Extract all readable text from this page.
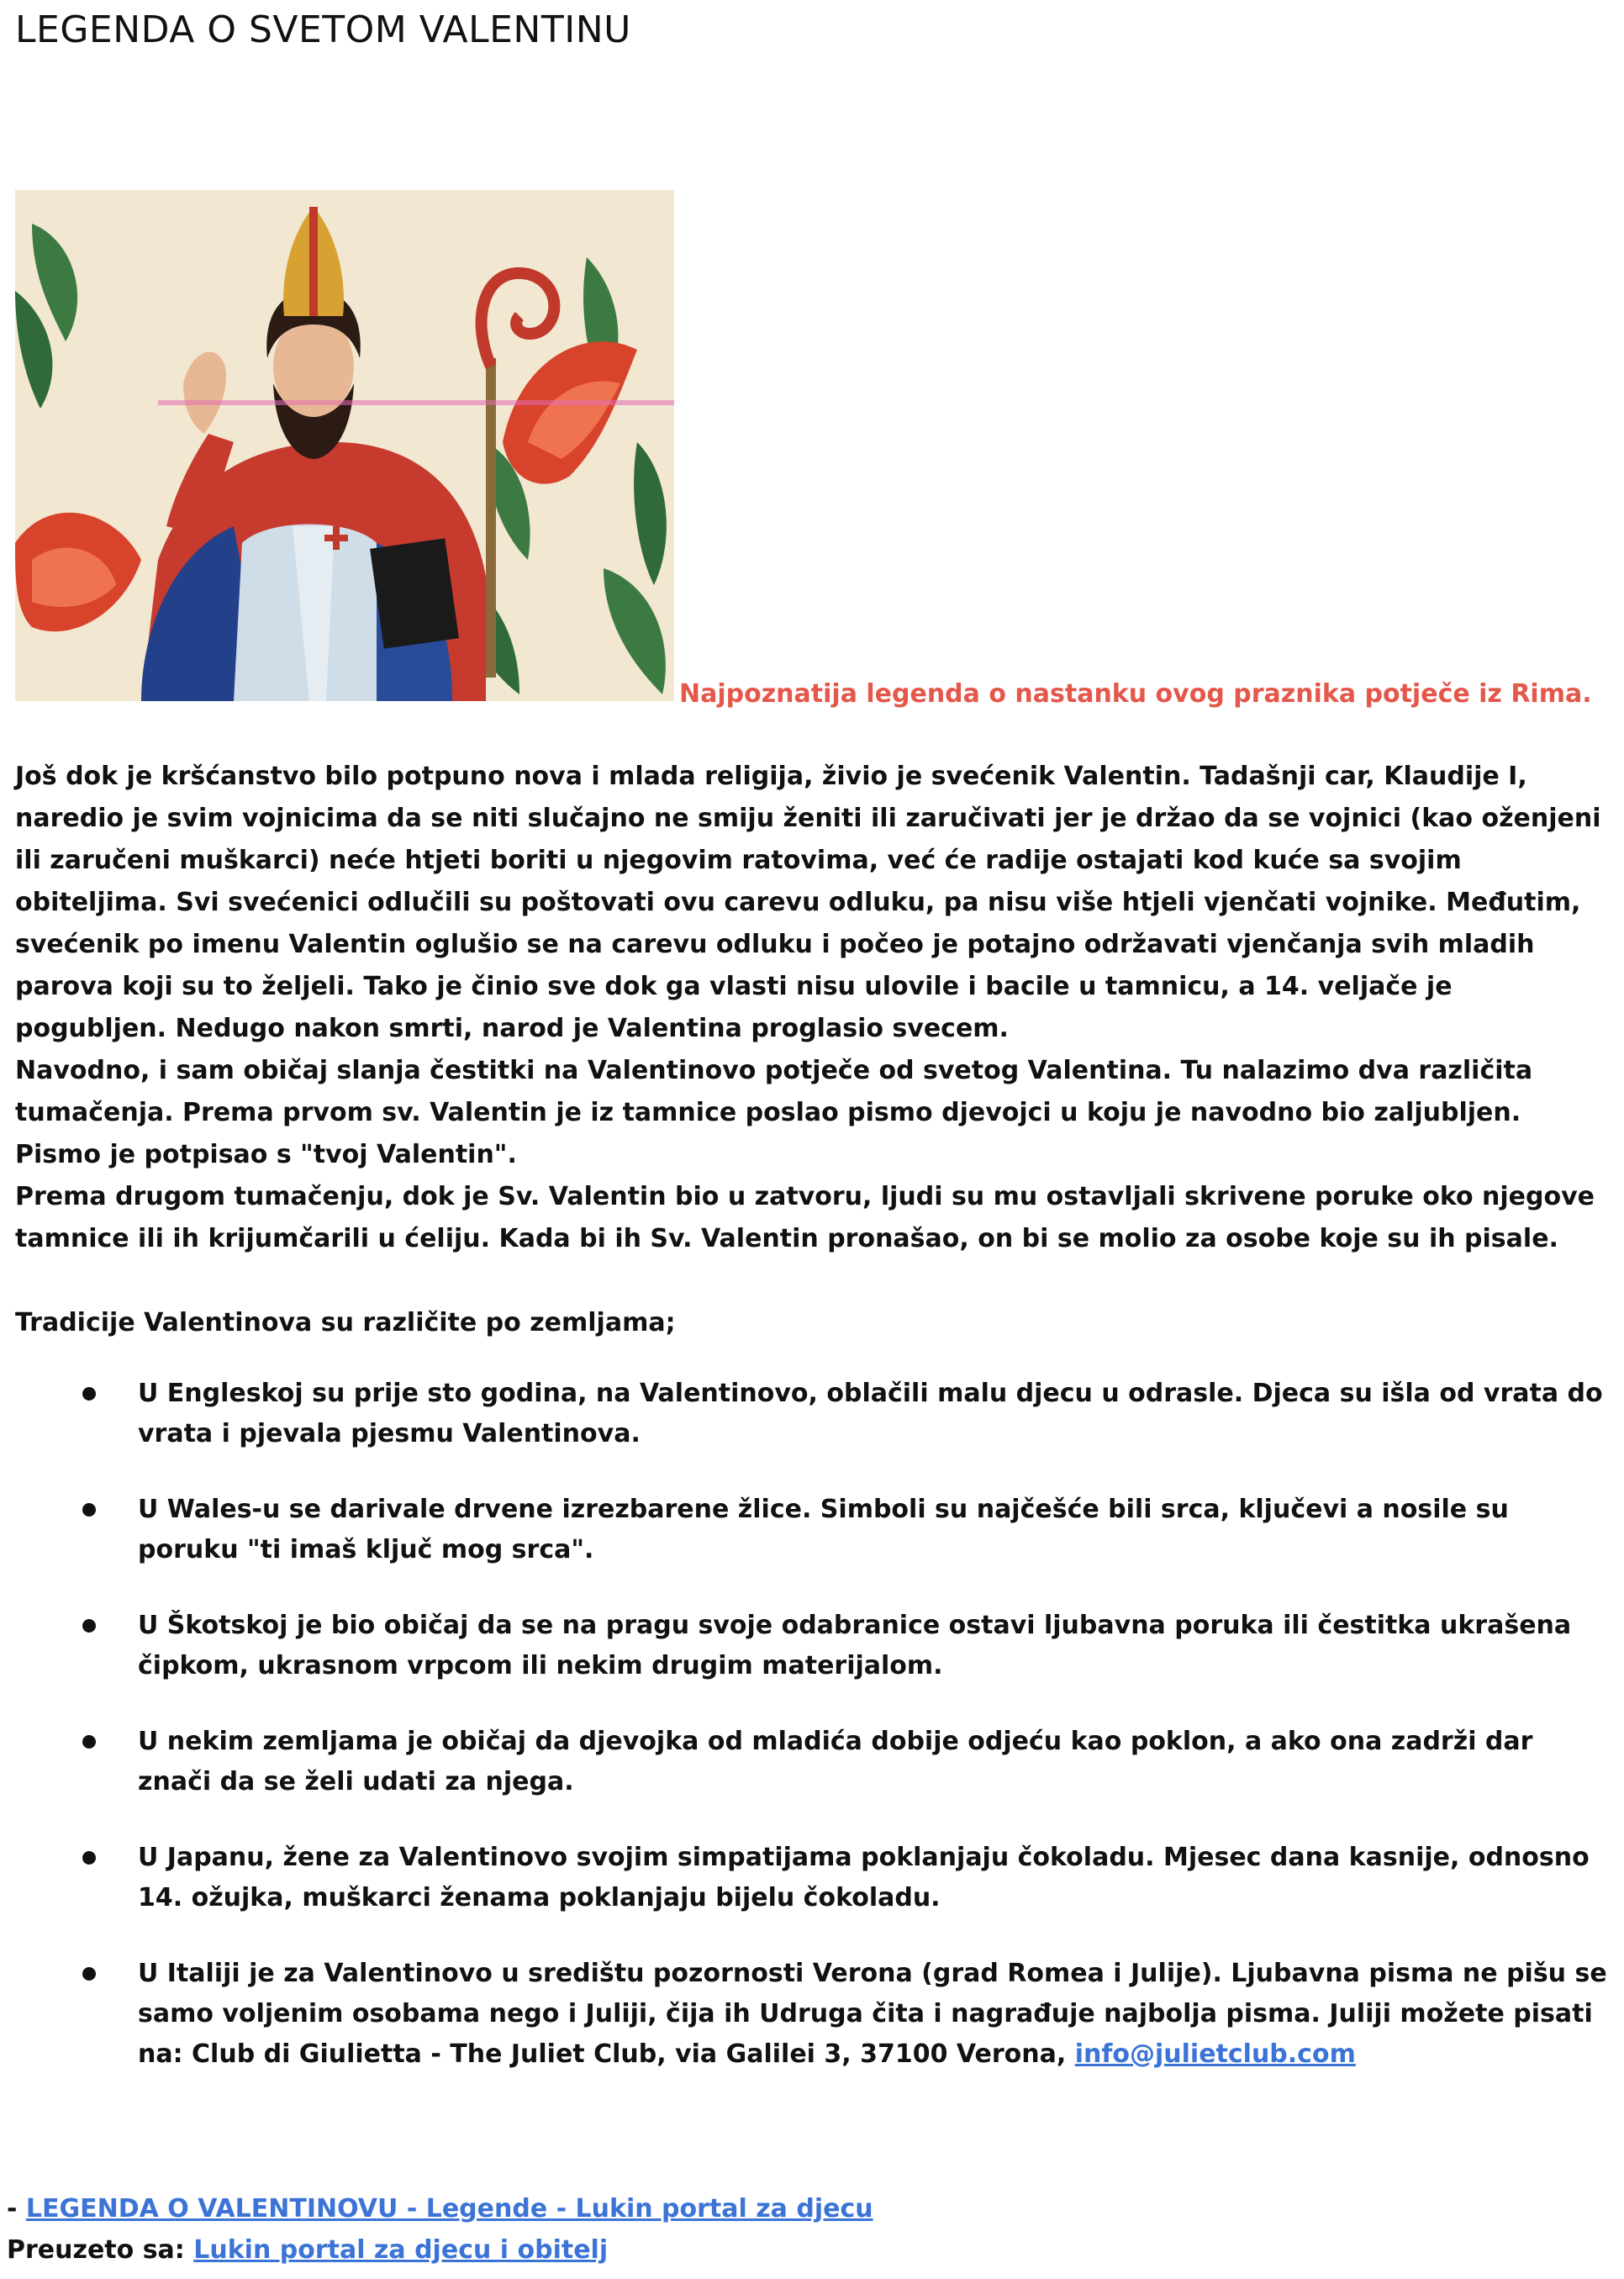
LEGENDA O SVETOM VALENTINU
Najpoznatija legenda o nastanku ovog praznika potječe iz Rima.

Još dok je kršćanstvo bilo potpuno nova i mlada religija, živio je svećenik Valentin. Tadašnji car, Klaudije I, naredio je svim vojnicima da se niti slučajno ne smiju ženiti ili zaručivati jer je držao da se vojnici (kao oženjeni ili zaručeni muškarci) neće htjeti boriti u njegovim ratovima, već će radije ostajati kod kuće sa svojim obiteljima. Svi svećenici odlučili su poštovati ovu carevu odluku, pa nisu više htjeli vjenčati vojnike. Međutim, svećenik po imenu Valentin oglušio se na carevu odluku i počeo je potajno održavati vjenčanja svih mladih parova koji su to željeli. Tako je činio sve dok ga vlasti nisu ulovile i bacile u tamnicu, a 14. veljače je pogubljen. Nedugo nakon smrti, narod je Valentina proglasio svecem.

Navodno, i sam običaj slanja čestitki na Valentinovo potječe od svetog Valentina. Tu nalazimo dva različita tumačenja. Prema prvom sv. Valentin je iz tamnice poslao pismo djevojci u koju je navodno bio zaljubljen. Pismo je potpisao s "tvoj Valentin".
Prema drugom tumačenju, dok je Sv. Valentin bio u zatvoru, ljudi su mu ostavljali skrivene poruke oko njegove tamnice ili ih krijumčarili u ćeliju. Kada bi ih Sv. Valentin pronašao, on bi se molio za osobe koje su ih pisale.

Tradicije Valentinova su različite po zemljama;

U Engleskoj su prije sto godina, na Valentinovo, oblačili malu djecu u odrasle. Djeca su išla od vrata do vrata i pjevala pjesmu Valentinova.
U Wales-u se darivale drvene izrezbarene žlice. Simboli su najčešće bili srca, ključevi a nosile su poruku "ti imaš ključ mog srca".
U Škotskoj je bio običaj da se na pragu svoje odabranice ostavi ljubavna poruka ili čestitka ukrašena čipkom, ukrasnom vrpcom ili nekim drugim materijalom.
U nekim zemljama je običaj da djevojka od mladića dobije odjeću kao poklon, a ako ona zadrži dar znači da se želi udati za njega.
U Japanu, žene za Valentinovo svojim simpatijama poklanjaju čokoladu. Mjesec dana kasnije, odnosno 14. ožujka, muškarci ženama poklanjaju bijelu čokoladu.
U Italiji je za Valentinovo u središtu pozornosti Verona (grad Romea i Julije). Ljubavna pisma ne pišu se samo voljenim osobama nego i Juliji, čija ih Udruga čita i nagrađuje najbolja pisma. Juliji možete pisati na: Club di Giulietta - The Juliet Club, via Galilei 3, 37100 Verona, info@julietclub.com
- LEGENDA O VALENTINOVU - Legende - Lukin portal za djecu
Preuzeto sa: Lukin portal za djecu i obitelj
